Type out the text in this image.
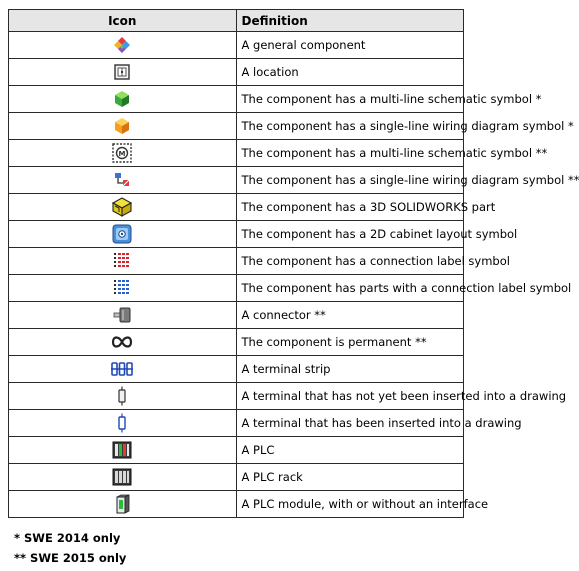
Icon	Definition

	A general component

	A location

	The component has a multi-line schematic symbol *

	The component has a single-line wiring diagram symbol *

M	The component has a multi-line schematic symbol **

	The component has a single-line wiring diagram symbol **

	The component has a 3D SOLIDWORKS part

	The component has a 2D cabinet layout symbol

	The component has a connection label symbol

	The component has parts with a connection label symbol

	A connector **

	The component is permanent **

	A terminal strip

	A terminal that has not yet been inserted into a drawing

	A terminal that has been inserted into a drawing

	A PLC

	A PLC rack

	A PLC module, with or without an interface
* SWE 2014 only
** SWE 2015 only
